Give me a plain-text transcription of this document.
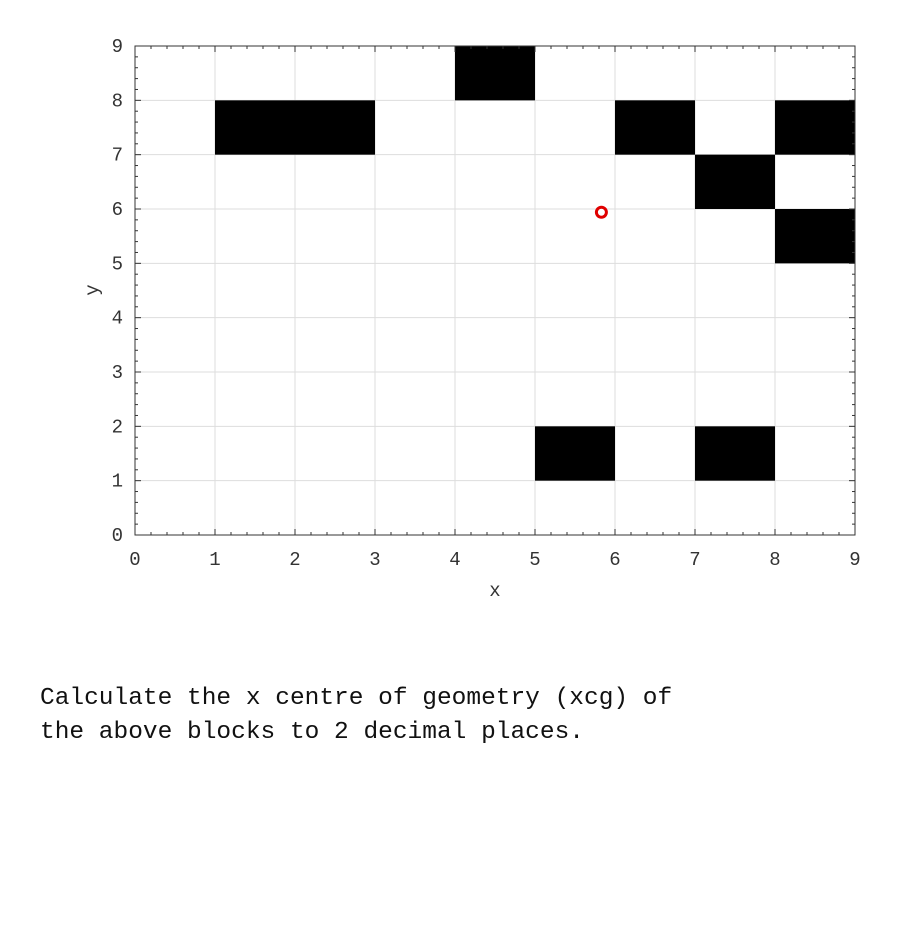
0	1	2	3	4	5	6	7	8	9
0
1
2
3
4
5
6
7
8
9
x
y

Calculate the x centre of geometry (xcg) of
the above blocks to 2 decimal places.
